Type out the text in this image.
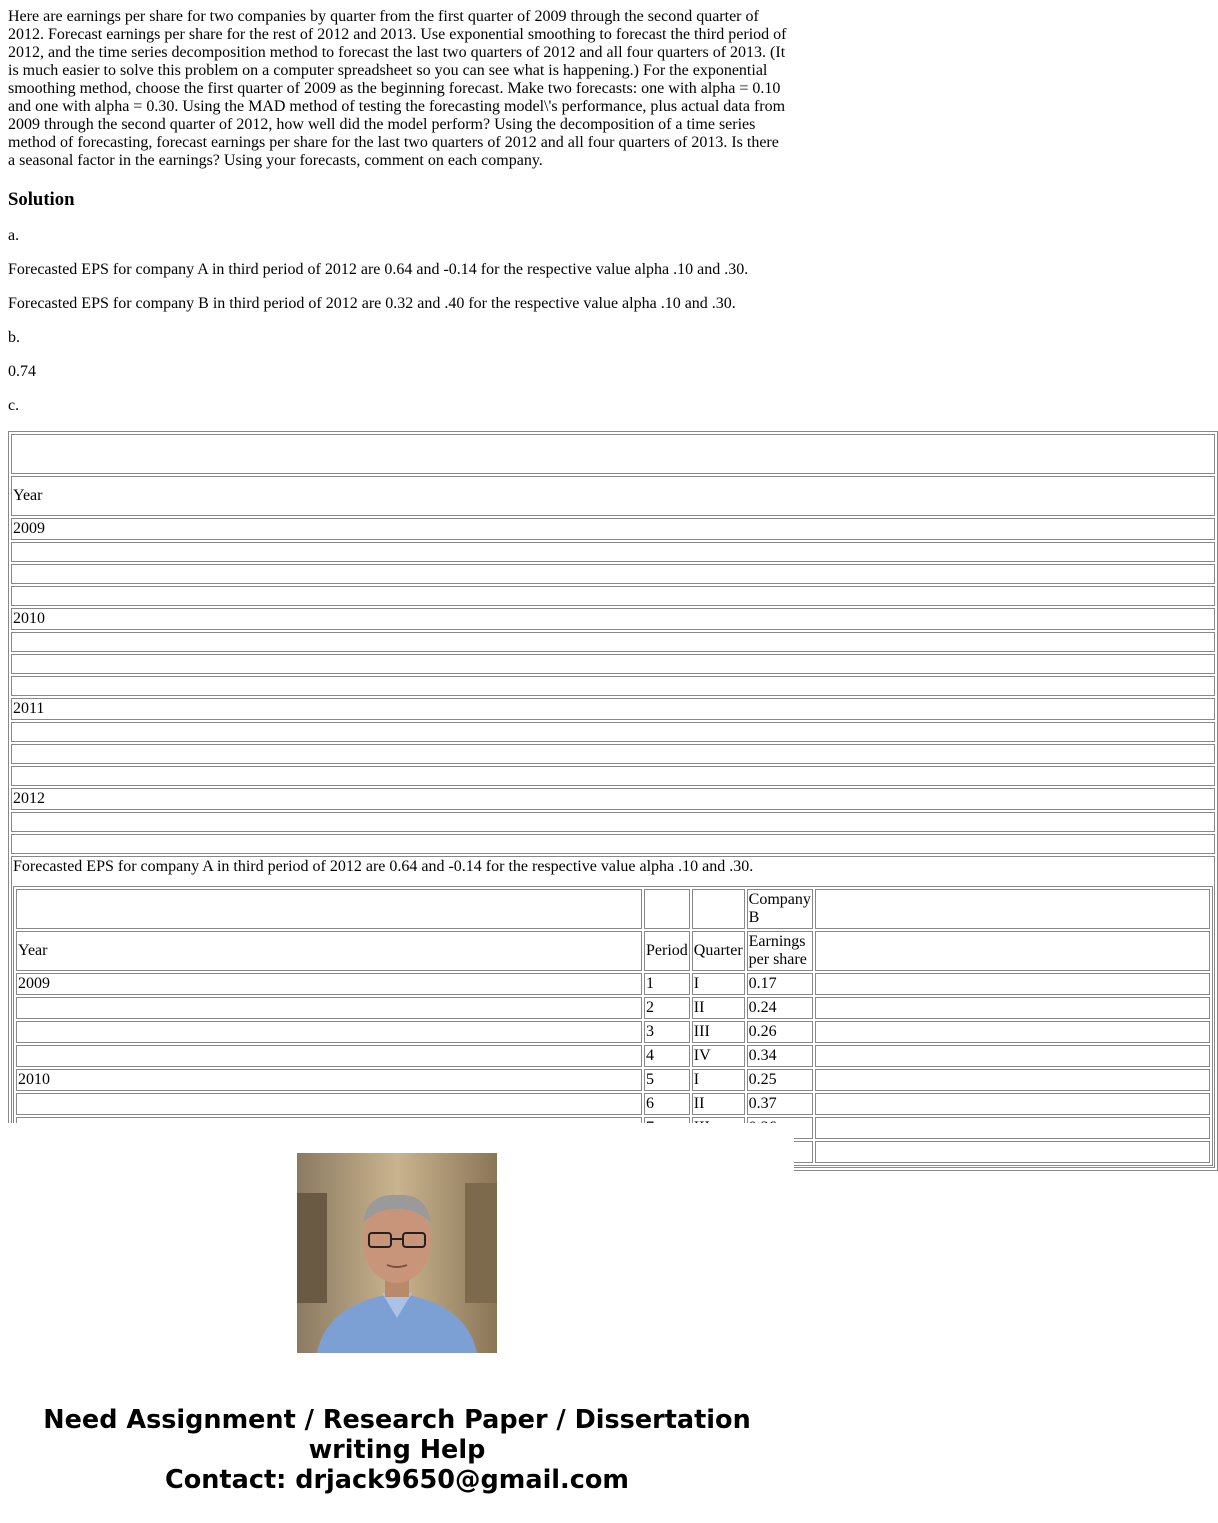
Here are earnings per share for two companies by quarter from the first quarter of 2009 through the second quarter of 2012. Forecast earnings per share for the rest of 2012 and 2013. Use exponential smoothing to forecast the third period of 2012, and the time series decomposition method to forecast the last two quarters of 2012 and all four quarters of 2013. (It is much easier to solve this problem on a computer spreadsheet so you can see what is happening.) For the exponential smoothing method, choose the first quarter of 2009 as the beginning forecast. Make two forecasts: one with alpha = 0.10 and one with alpha = 0.30. Using the MAD method of testing the forecasting model\'s performance, plus actual data from 2009 through the second quarter of 2012, how well did the model perform? Using the decomposition of a time series method of forecasting, forecast earnings per share for the last two quarters of 2012 and all four quarters of 2013. Is there a seasonal factor in the earnings? Using your forecasts, comment on each company.

Solution

a.

Forecasted EPS for company A in third period of 2012 are 0.64 and -0.14 for the respective value alpha .10 and .30.

Forecasted EPS for company B in third period of 2012 are 0.32 and .40 for the respective value alpha .10 and .30.

b.

0.74

c.

Year
2009

2010

2011

2012

Forecasted EPS for company A in third period of 2012 are 0.64 and -0.14 for the respective value alpha .10 and .30.
			Company B	
Year	Period	Quarter	Earnings per share	
2009	1	I	0.17	
	2	II	0.24	
	3	III	0.26	
	4	IV	0.34	
2010	5	I	0.25	
	6	II	0.37	

Need Assignment / Research Paper / Dissertation
writing Help
Contact: drjack9650@gmail.com
